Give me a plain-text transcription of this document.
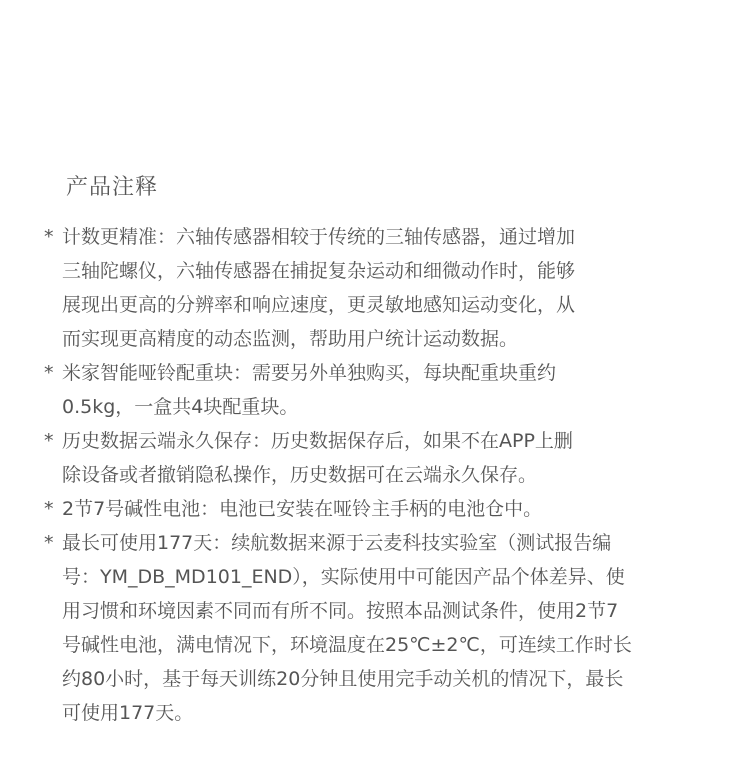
产品注释
* 计数更精准：六轴传感器相较于传统的三轴传感器，通过增加
三轴陀螺仪，六轴传感器在捕捉复杂运动和细微动作时，能够
展现出更高的分辨率和响应速度，更灵敏地感知运动变化，从
而实现更高精度的动态监测，帮助用户统计运动数据。
* 米家智能哑铃配重块：需要另外单独购买，每块配重块重约
0.5kg，一盒共4块配重块。
* 历史数据云端永久保存：历史数据保存后，如果不在APP上删
除设备或者撤销隐私操作，历史数据可在云端永久保存。
* 2节7号碱性电池：电池已安装在哑铃主手柄的电池仓中。
* 最长可使用177天：续航数据来源于云麦科技实验室（测试报告编
号：YM_DB_MD101_END），实际使用中可能因产品个体差异、使
用习惯和环境因素不同而有所不同。按照本品测试条件，使用2节7
号碱性电池，满电情况下，环境温度在25℃±2℃，可连续工作时长
约80小时，基于每天训练20分钟且使用完手动关机的情况下，最长
可使用177天。
